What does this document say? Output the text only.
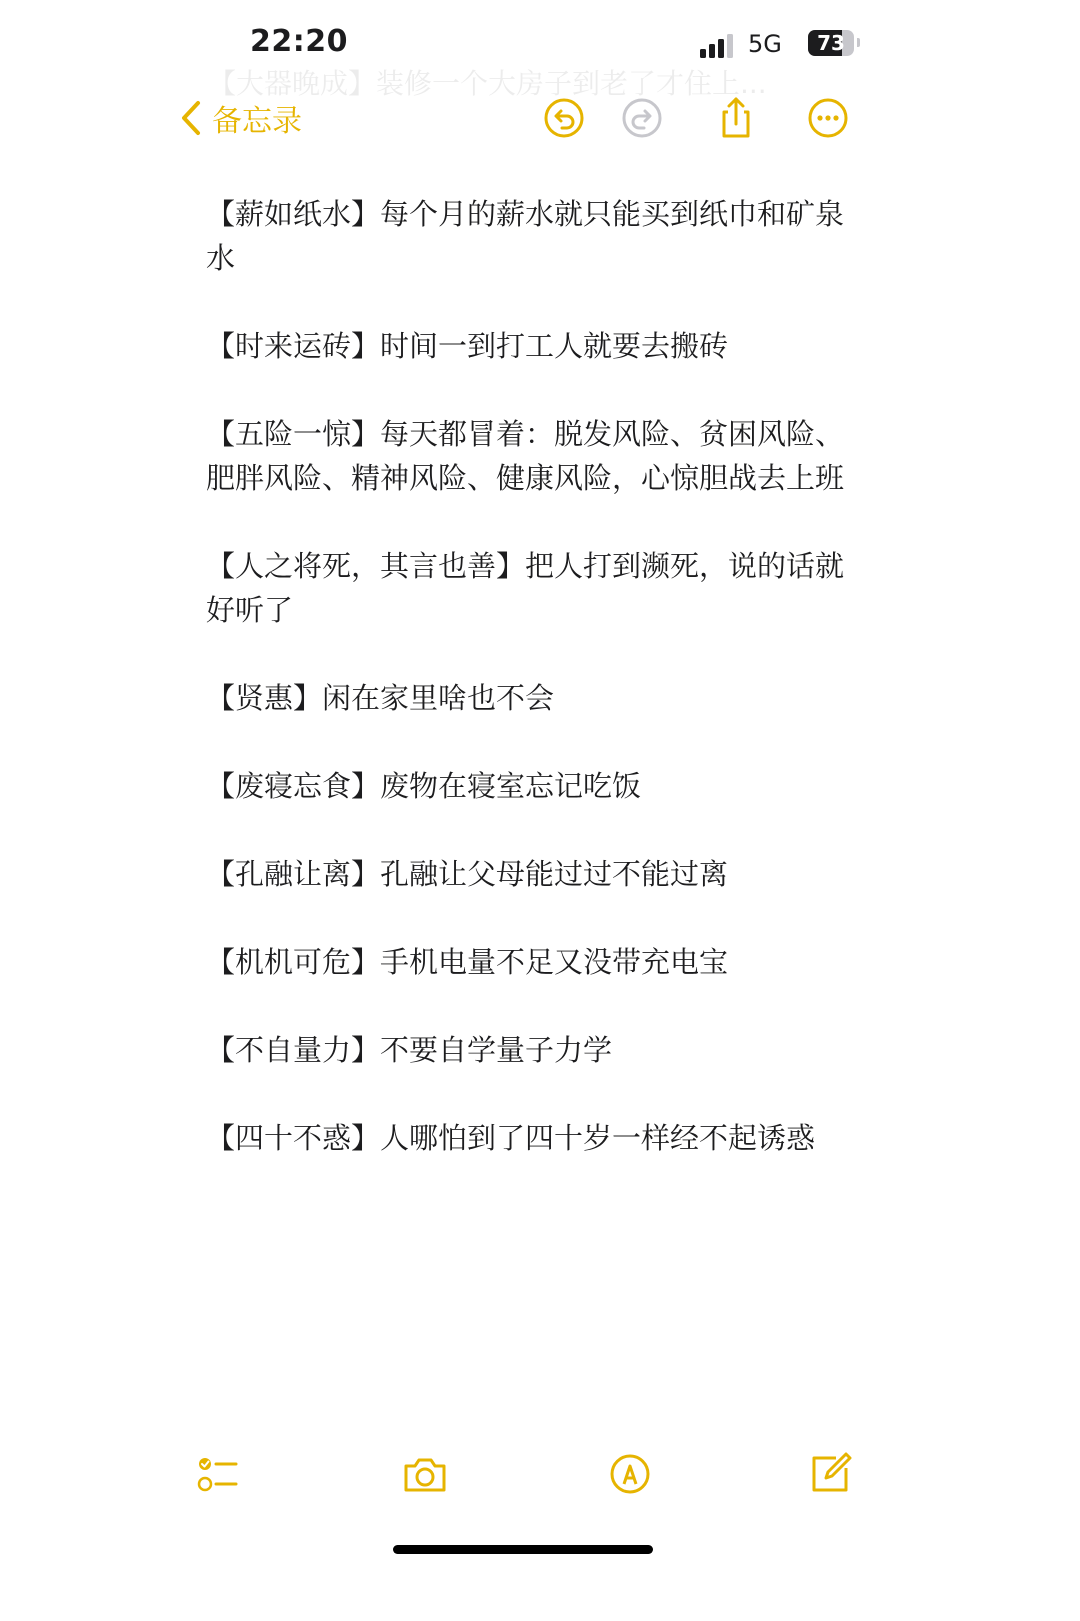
22:20	5G	73
【大器晚成】装修一个大房子到老了才住上...
备忘录

【薪如纸水】每个月的薪水就只能买到纸巾和矿泉水

【时来运砖】时间一到打工人就要去搬砖

【五险一惊】每天都冒着：脱发风险、贫困风险、肥胖风险、精神风险、健康风险，心惊胆战去上班

【人之将死，其言也善】把人打到濒死，说的话就好听了

【贤惠】闲在家里啥也不会

【废寝忘食】废物在寝室忘记吃饭

【孔融让离】孔融让父母能过过不能过离

【机机可危】手机电量不足又没带充电宝

【不自量力】不要自学量子力学

【四十不惑】人哪怕到了四十岁一样经不起诱惑
